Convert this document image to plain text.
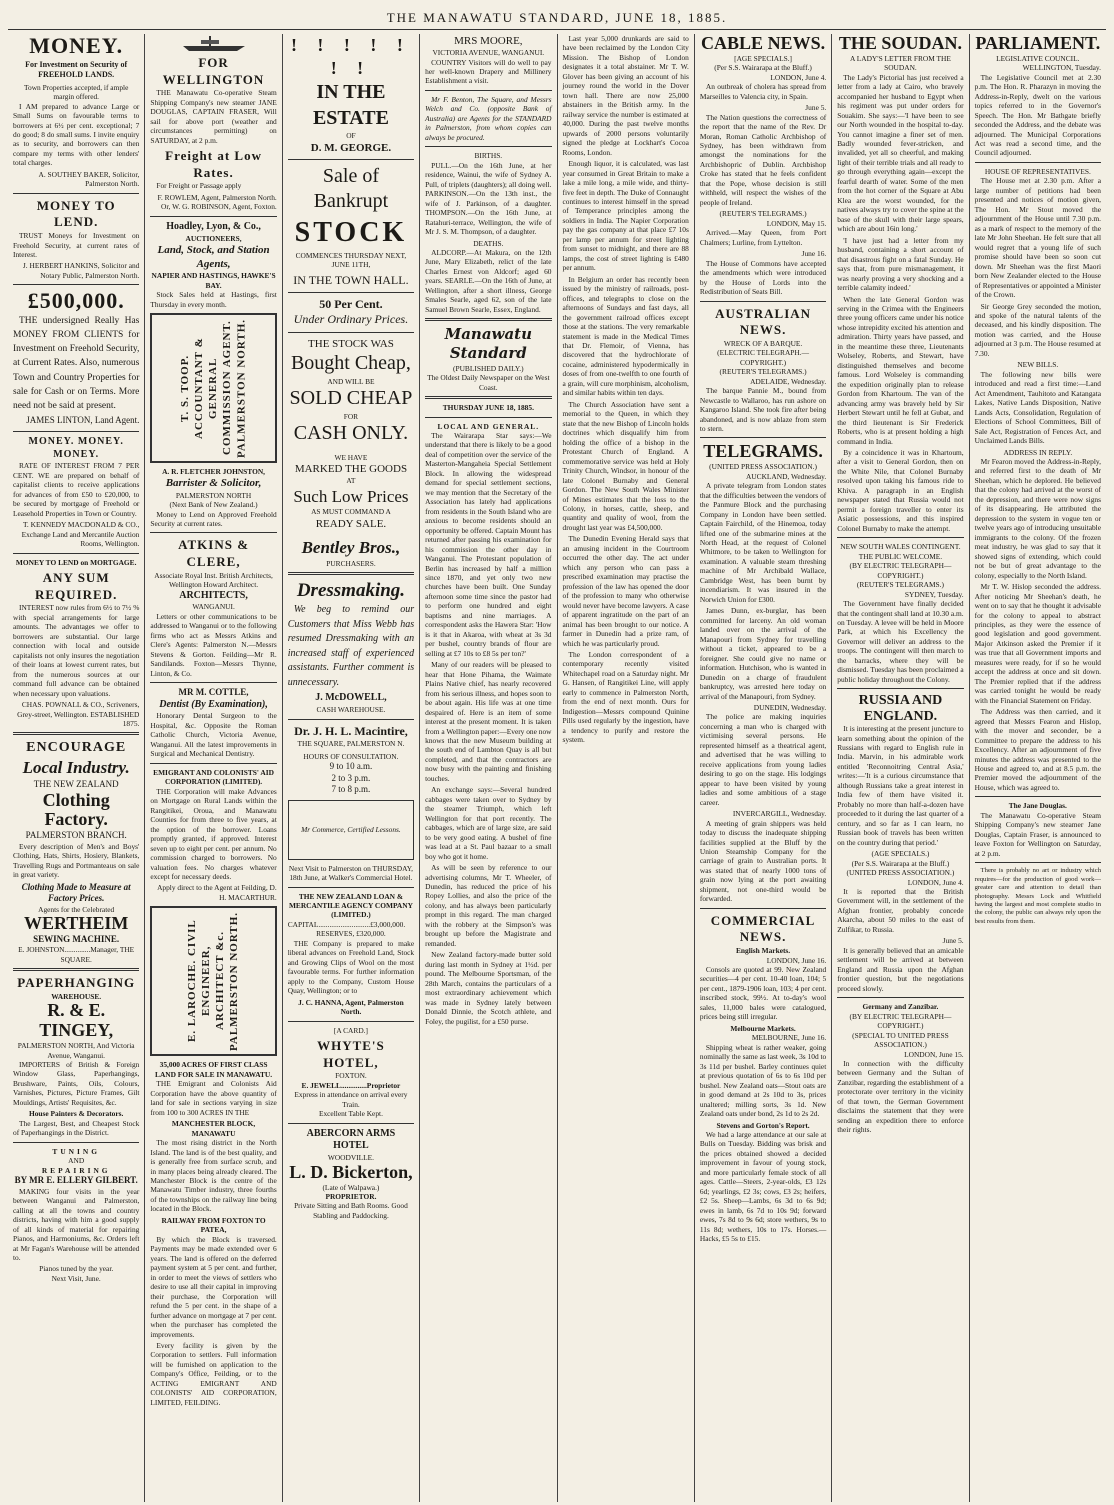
THE MANAWATU STANDARD, JUNE 18, 1885.
MONEY.
For Investment on Security of FREEHOLD LANDS.
Town Properties accepted, if ample margin offered.

I AM prepared to advance Large or Small Sums on favourable terms to borrowers at 6½ per cent. exceptional; 7 do good; 8 do small sums. I invite enquiry as to security, and borrowers can then compare my terms with other lenders' total charges.

A. SOUTHEY BAKER, Solicitor, Palmerston North.
MONEY TO LEND.

TRUST Moneys for Investment on Freehold Security, at current rates of Interest.

J. HERBERT HANKINS, Solicitor and Notary Public, Palmerston North.
£500,000.

THE undersigned Really Has MONEY FROM CLIENTS for Investment on Freehold Security, at Current Rates. Also, numerous Town and Country Properties for sale for Cash or on Terms. More need not be said at present.

JAMES LINTON, Land Agent.
MONEY. MONEY. MONEY.

RATE OF INTEREST FROM 7 PER CENT. WE are prepared on behalf of capitalist clients to receive applications for advances of from £50 to £20,000, to be secured by mortgage of Freehold or Leasehold Properties in Town or Country.

T. KENNEDY MACDONALD & CO., Exchange Land and Mercantile Auction Rooms, Wellington.
MONEY TO LEND on MORTGAGE.
ANY SUM REQUIRED.

INTEREST now rules from 6½ to 7½ % with special arrangements for large amounts. The advantages we offer to borrowers are substantial. Our large connection with local and outside capitalists not only insures the negotiation of their loans at lowest current rates, but from the numerous sources at our command full advance can be obtained when necessary upon valuations.

CHAS. POWNALL & CO., Scriveners, Grey-street, Wellington. ESTABLISHED 1875.
ENCOURAGE
Local Industry.
THE NEW ZEALAND
Clothing Factory.
PALMERSTON BRANCH.

Every description of Men's and Boys' Clothing, Hats, Shirts, Hosiery, Blankets, Travelling Rugs and Portmanteaus on sale in great variety.

Clothing Made to Measure at Factory Prices.
Agents for the Celebrated
WERTHEIM
SEWING MACHINE.
E. JOHNSTON..............Manager, THE SQUARE.
PAPERHANGING
WAREHOUSE.
R. & E. TINGEY,
PALMERSTON NORTH, And Victoria Avenue, Wanganui.

IMPORTERS of British & Foreign Window Glass, Paperhangings, Brushware, Paints, Oils, Colours, Varnishes, Pictures, Picture Frames, Gilt Mouldings, Artists' Requisites, &c.

House Painters & Decorators.

The Largest, Best, and Cheapest Stock of Paperhangings in the District.

TUNING
AND
REPAIRING
BY MR E. ELLERY GILBERT.

MAKING four visits in the year between Wanganui and Palmerston, calling at all the towns and country districts, having with him a good supply of all kinds of material for repairing Pianos, and Harmoniums, &c. Orders left at Mr Fagan's Warehouse will be attended to.

Pianos tuned by the year.
Next Visit, June.
FOR WELLINGTON

THE Manawatu Co-operative Steam Shipping Company's new steamer JANE DOUGLAS, CAPTAIN FRASER, Will sail for above port (weather and circumstances permitting) on SATURDAY, at 2 p.m.

Freight at Low Rates.

For Freight or Passage apply

F. ROWLEM, Agent, Palmerston North. Or, W. G. ROBINSON, Agent, Foxton.
Hoadley, Lyon, & Co.,
AUCTIONEERS,
Land, Stock, and Station Agents,
NAPIER AND HASTINGS, HAWKE'S BAY.

Stock Sales held at Hastings, first Thursday in every month.

T. S. TOOP. ACCOUNTANT & GENERAL COMMISSION AGENT. PALMERSTON NORTH.
A. R. FLETCHER JOHNSTON,
Barrister & Solicitor,
PALMERSTON NORTH
(Next Bank of New Zealand.)

Money to Lend on Approved Freehold Security at current rates.

ATKINS & CLERE,
Associate Royal Inst. British Architects, Wellington Howard Architect.
ARCHITECTS,
WANGANUI.

Letters or other communications to be addressed to Wanganui or to the following firms who act as Messrs Atkins and Clere's Agents: Palmerston N.—Messrs Stevens & Gorton. Feilding—Mr R. Sandilands. Foxton—Messrs Thynne, Linton, & Co.

MR M. COTTLE,
Dentist (By Examination),

Honorary Dental Surgeon to the Hospital, &c. Opposite the Roman Catholic Church, Victoria Avenue, Wanganui. All the latest improvements in Surgical and Mechanical Dentistry.

EMIGRANT AND COLONISTS' AID CORPORATION (LIMITED).

THE Corporation will make Advances on Mortgage on Rural Lands within the Rangitikei, Oroua, and Manawatu Counties for from three to five years, at the option of the borrower. Loans promptly granted, if approved. Interest seven up to eight per cent. per annum. No commission charged to borrowers. No valuation fees. No charges whatever except for necessary deeds.

Apply direct to the Agent at Feilding, D. H. MACARTHUR.
E. LAROCHE. CIVIL ENGINEER, ARCHITECT &c. PALMERSTON NORTH.
35,000 ACRES OF FIRST CLASS LAND FOR SALE IN MANAWATU.

THE Emigrant and Colonists Aid Corporation have the above quantity of land for sale in sections varying in size from 100 to 300 ACRES IN THE

MANCHESTER BLOCK, MANAWATU

The most rising district in the North Island. The land is of the best quality, and is generally free from surface scrub, and in many places being already cleared. The Manchester Block is the centre of the Manawatu Timber industry, three fourths of the townships on the railway line being located in the Block.

RAILWAY FROM FOXTON TO PATEA,

By which the Block is traversed. Payments may be made extended over 6 years. The land is offered on the deferred payment system at 5 per cent. and further, in order to meet the views of settlers who desire to use all their capital in improving their purchase, the Corporation will refund the 5 per cent. in the shape of a further advance on mortgage at 7 per cent. when the purchaser has completed the improvements.

Every facility is given by the Corporation to settlers. Full information will be furnished on application to the Company's Office, Feilding, or to the ACTING EMIGRANT AND COLONISTS' AID CORPORATION, LIMITED, FEILDING.

! ! ! ! ! ! !
IN THE ESTATE
OF
D. M. GEORGE.
Sale of Bankrupt
STOCK
COMMENCES THURSDAY NEXT, JUNE 11TH,
IN THE TOWN HALL.
50 Per Cent.
Under Ordinary Prices.
THE STOCK WAS
Bought Cheap,
AND WILL BE
SOLD CHEAP
FOR
CASH ONLY.
WE HAVE
MARKED THE GOODS
AT
Such Low Prices
AS MUST COMMAND A
READY SALE.
Bentley Bros.,
PURCHASERS.
Dressmaking.

We beg to remind our Customers that Miss Webb has resumed Dressmaking with an increased staff of experienced assistants. Further comment is unnecessary.

J. McDOWELL,
CASH WAREHOUSE.
Dr. J. H. L. Macintire,
THE SQUARE, PALMERSTON N.
HOURS OF CONSULTATION.
9 to 10 a.m.
2 to 3 p.m.
7 to 8 p.m.
Mr Commerce, Certified Lessons.
Next Visit to Palmerston on THURSDAY, 18th June, at Walker's Commercial Hotel.
THE NEW ZEALAND LOAN & MERCANTILE AGENCY COMPANY (LIMITED.)
CAPITAL............................£3,000,000.
RESERVES, £320,000.

THE Company is prepared to make liberal advances on Freehold Land, Stock and Growing Clips of Wool on the most favourable terms. For further information apply to the Company, Custom House Quay, Wellington; or to

J. C. HANNA, Agent, Palmerston North.
[A CARD.]
WHYTE'S HOTEL,
FOXTON.
E. JEWELL..............Proprietor
Express in attendance on arrival every Train.
Excellent Table Kept.
ABERCORN ARMS HOTEL
WOODVILLE.
L. D. Bickerton,
(Late of Walpawa.)
PROPRIETOR.
Private Sitting and Bath Rooms. Good Stabling and Paddocking.
MRS MOORE,
VICTORIA AVENUE, WANGANUI.

COUNTRY Visitors will do well to pay her well-known Drapery and Millinery Establishment a visit.

Mr F. Benton, The Square, and Messrs Welch and Co. (opposite Bank of Australia) are Agents for the STANDARD in Palmerston, from whom copies can always be procured.

BIRTHS.

PULL.—On the 16th June, at her residence, Wainui, the wife of Sydney A. Pull, of triplets (daughters); all doing well. PARKINSON.—On the 13th inst., the wife of J. Parkinson, of a daughter. THOMPSON.—On the 16th June, at Ratahuri-terrace, Wellington, the wife of Mr J. S. M. Thompson, of a daughter.

DEATHS.

ALDCORP.—At Makura, on the 12th June, Mary Elizabeth, relict of the late Charles Ernest von Aldcorf; aged 60 years. SEARLE.—On the 16th of June, at Wellington, after a short illness, George Smales Searle, aged 62, son of the late Samuel Brown Searle, Essex, England.

Manawatu Standard
(PUBLISHED DAILY.)
The Oldest Daily Newspaper on the West Coast.
THURSDAY JUNE 18, 1885.
LOCAL AND GENERAL.

The Wairarapa Star says:—We understand that there is likely to be a good deal of competition over the service of the Masterton-Mangaheia Special Settlement Block. In allowing the widespread demand for special settlement sections, we may mention that the Secretary of the Association has lately had applications from residents in the South Island who are anxious to become residents should an opportunity be offered. Captain Mount has returned after passing his examination for his commission the other day in Wanganui. The Protestant population of Berlin has increased by half a million since 1870, and yet only two new churches have been built. One Sunday afternoon some time since the pastor had to perform one hundred and eight baptisms and nine marriages. A correspondent asks the Hawera Star: 'How is it that in Akaroa, with wheat at 3s 3d per bushel, country brands of flour are selling at £7 10s to £8 5s per ton?'

Many of our readers will be pleased to hear that Hone Pihama, the Waimate Plains Native chief, has nearly recovered from his serious illness, and hopes soon to be about again. His life was at one time despaired of. Here is an item of some interest at the present moment. It is taken from a Wellington paper:—Every one now knows that the new Museum building at the south end of Lambton Quay is all but completed, and that the contractors are now busy with the painting and finishing touches.

An exchange says:—Several hundred cabbages were taken over to Sydney by the steamer Triumph, which left Wellington for that port recently. The cabbages, which are of large size, are said to be very good eating. A bushel of fine was lead at a St. Paul bazaar to a small boy who got it home.

As will be seen by reference to our advertising columns, Mr T. Wheeler, of Dunedin, has reduced the price of his Ropey Lollies, and also the price of the colony, and has always been particularly prompt in this regard. The man charged with the robbery at the Simpson's was brought up before the Magistrate and remanded.

New Zealand factory-made butter sold during last month in Sydney at 1½d. per pound. The Melbourne Sportsman, of the 28th March, contains the particulars of a most extraordinary achievement which was made in Sydney lately between Donald Dinnie, the Scotch athlete, and Foley, the pugilist, for a £50 purse.

Last year 5,000 drunkards are said to have been reclaimed by the London City Mission. The Bishop of London designates it a total abstainer. Mr T. W. Glover has been giving an account of his journey round the world in the Dover town hall. There are now 25,000 abstainers in the British army. In the railway service the number is estimated at 40,000. During the past twelve months upwards of 2000 persons voluntarily signed the pledge at Lockhart's Cocoa Rooms, London.

Enough liquor, it is calculated, was last year consumed in Great Britain to make a lake a mile long, a mile wide, and thirty-five feet in depth. The Duke of Connaught continues to interest himself in the spread of Temperance principles among the soldiers in India. The Napier Corporation pay the gas company at that place £7 10s per lamp per annum for street lighting from sunset to midnight, and there are 88 lamps, the cost of street lighting is £480 per annum.

In Belgium an order has recently been issued by the ministry of railroads, post-offices, and telegraphs to close on the afternoons of Sundays and fast days, all the government railroad offices except those at the stations. The very remarkable statement is made in the Medical Times that Dr. Flemoir, of Vienna, has discovered that the hydrochlorate of cocaine, administered hypodermically in doses of from one-twelfth to one fourth of a grain, will cure morphinism, alcoholism, and similar habits within ten days.

The Church Association have sent a memorial to the Queen, in which they state that the new Bishop of Lincoln holds doctrines which disqualify him from holding the office of a bishop in the Protestant Church of England. A commemorative service was held at Holy Trinity Church, Windsor, in honour of the late Colonel Burnaby and General Gordon. The New South Wales Minister of Mines estimates that the loss to the Colony, in horses, cattle, sheep, and quantity and quality of wool, from the drought last year was £4,500,000.

The Dunedin Evening Herald says that an amusing incident in the Courtroom occurred the other day. The act under which any person who can pass a prescribed examination may practise the profession of the law has opened the door of the profession to many who otherwise would never have become lawyers. A case of apparent ingratitude on the part of an animal has been brought to our notice. A farmer in Dunedin had a prize ram, of which he was particularly proud.

The London correspondent of a contemporary recently visited Whitechapel road on a Saturday night. Mr G. Hansen, of Rangitikei Line, will apply early to commence in Palmerston North, from the end of next month. Ours for Indigestion—Messrs compound Quinine Pills used regularly by the ingestion, have a tendency to purify and restore the system.

CABLE NEWS.
[AGE SPECIALS.]
(Per S.S. Wairarapa at the Bluff.)
LONDON, June 4.

An outbreak of cholera has spread from Marseilles to Valencia city, in Spain.

June 5.

The Nation questions the correctness of the report that the name of the Rev. Dr Moran, Roman Catholic Archbishop of Sydney, has been withdrawn from amongst the nominations for the Archbishopric of Dublin. Archbishop Croke has stated that he feels confident that the Pope, whose decision is still withheld, will respect the wishes of the people of Ireland.

(REUTER'S TELEGRAMS.)
LONDON, May 15.

Arrived.—May Queen, from Port Chalmers; Lurline, from Lyttelton.

June 16.

The House of Commons have accepted the amendments which were introduced by the House of Lords into the Redistribution of Seats Bill.

AUSTRALIAN NEWS.
WRECK OF A BARQUE.
(ELECTRIC TELEGRAPH.—COPYRIGHT.)
(REUTER'S TELEGRAMS.)
ADELAIDE, Wednesday.

The barque Pannie M., bound from Newcastle to Wallaroo, has run ashore on Kangaroo Island. She took fire after being abandoned, and is now ablaze from stem to stern.

TELEGRAMS.
(UNITED PRESS ASSOCIATION.)
AUCKLAND, Wednesday.

A private telegram from London states that the difficulties between the vendors of the Panmure Block and the purchasing Company in London have been settled. Captain Fairchild, of the Hinemoa, today lifted one of the submarine mines at the North Head, at the request of Colonel Whitmore, to be taken to Wellington for examination. A valuable steam threshing machine of Mr Archibald Wallace, Cambridge West, has been burnt by incendiarism. It was insured in the Norwich Union for £300.

James Dunn, ex-burglar, has been committed for larceny. An old woman landed over on the arrival of the Manapouri from Sydney for travelling without a ticket, appeared to be a foreigner. She could give no name or information. Hutchison, who is wanted in Dunedin on a charge of fraudulent bankruptcy, was arrested here today on arrival of the Manapouri, from Sydney.

DUNEDIN, Wednesday.

The police are making inquiries concerning a man who is charged with victimising several persons. He represented himself as a theatrical agent, and advertised that he was willing to receive applications from young ladies desiring to go on the stage. His lodgings appear to have been visited by young ladies and some ambitious of a stage career.

INVERCARGILL, Wednesday.

A meeting of grain shippers was held today to discuss the inadequate shipping facilities supplied at the Bluff by the Union Steamship Company for the carriage of grain to Australian ports. It was stated that of nearly 1000 tons of grain now lying at the port awaiting shipment, not one-third would be forwarded.

COMMERCIAL NEWS.
English Markets.
LONDON, June 16.

Consols are quoted at 99. New Zealand securities—4 per cent. 10-40 loan, 104; 5 per cent., 1879-1906 loan, 103; 4 per cent. inscribed stock, 99½. At to-day's wool sales, 11,000 bales were catalogued, prices being still irregular.

Melbourne Markets.
MELBOURNE, June 16.

Shipping wheat is rather weaker, going nominally the same as last week, 3s 10d to 3s 11d per bushel. Barley continues quiet at previous quotation of 6s to 6s 10d per bushel. New Zealand oats—Stout oats are in good demand at 2s 10d to 3s, prices unaltered; milling sorts, 3s 1d. New Zealand oats under bond, 2s 1d to 2s 2d.

Stevens and Gorton's Report.

We had a large attendance at our sale at Bulls on Tuesday. Bidding was brisk and the prices obtained showed a decided improvement in favour of young stock, and more particularly female stock of all ages. Cattle—Steers, 2-year-olds, £3 12s 6d; yearlings, £2 3s; cows, £3 2s; heifers, £2 5s. Sheep—Lambs, 6s 3d to 6s 9d; ewes in lamb, 6s 7d to 10s 9d; forward ewes, 7s 8d to 9s 6d; store wethers, 9s to 11s 8d; wethers, 10s to 17s. Horses.—Hacks, £5 5s to £15.

THE SOUDAN.
A LADY'S LETTER FROM THE SOUDAN.

The Lady's Pictorial has just received a letter from a lady at Cairo, who bravely accompanied her husband to Egypt when his regiment was put under orders for Souakim. She says:—'I have been to see our North wounded in the hospital to-day. You cannot imagine a finer set of men. Badly wounded fever-stricken, and invalided, yet all so cheerful, and making light of their terrible trials and all ready to go through everything again—except the fearful dearth of water. Some of the men from the hot corner of the Square at Abu Klea are the worst wounded, for the natives always try to cover the spine at the base of the skull with their large spears, which are about 16in long.'

'I have just had a letter from my husband, containing a short account of that disastrous fight on a fatal Sunday. He says that, from pure mismanagement, it was nearly proving a very shocking and a terrible calamity indeed.'

When the late General Gordon was serving in the Crimea with the Engineers three young officers came under his notice whose intrepidity excited his attention and admiration. Thirty years have passed, and in the meantime these three, Lieutenants Wolseley, Roberts, and Stewart, have distinguished themselves and become famous. Lord Wolseley is commanding the expedition originally plan to release Gordon from Khartoum. The van of the advancing army was bravely held by Sir Herbert Stewart until he fell at Gubat, and the third lieutenant is Sir Frederick Roberts, who is at present holding a high command in India.

By a coincidence it was in Khartoum, after a visit to General Gordon, then on the White Nile, that Colonel Burnaby resolved upon taking his famous ride to Khiva. A paragraph in an English newspaper stated that Russia would not permit a foreign traveller to enter its Asiatic possessions, and this inspired Colonel Burnaby to make the attempt.

NEW SOUTH WALES CONTINGENT.
THE PUBLIC WELCOME.
(BY ELECTRIC TELEGRAPH—COPYRIGHT.)
(REUTER'S TELEGRAMS.)
SYDNEY, Tuesday.

The Government have finally decided that the contingent shall land at 10.30 a.m. on Tuesday. A levee will be held in Moore Park, at which his Excellency the Governor will deliver an address to the troops. The contingent will then march to the barracks, where they will be dismissed. Tuesday has been proclaimed a public holiday throughout the Colony.

RUSSIA AND ENGLAND.

It is interesting at the present juncture to learn something about the opinion of the Russians with regard to English rule in India. Marvin, in his admirable work entitled 'Reconnoitring Central Asia,' writes:—'It is a curious circumstance that although Russians take a great interest in India few of them have visited it. Probably no more than half-a-dozen have proceeded to it during the last quarter of a century, and so far as I can learn, no Russian book of travels has been written on the country during that period.'

(AGE SPECIALS.)
(Per S.S. Wairarapa at the Bluff.)
(UNITED PRESS ASSOCIATION.)
LONDON, June 4.

It is reported that the British Government will, in the settlement of the Afghan frontier, probably concede Akarcha, about 50 miles to the east of Zulfikar, to Russia.

June 5.

It is generally believed that an amicable settlement will be arrived at between England and Russia upon the Afghan frontier question, but the negotiations proceed slowly.

Germany and Zanzibar.
(BY ELECTRIC TELEGRAPH—COPYRIGHT.)
(SPECIAL TO UNITED PRESS ASSOCIATION.)
LONDON, June 15.

In connection with the difficulty between Germany and the Sultan of Zanzibar, regarding the establishment of a protectorate over territory in the vicinity of that town, the German Government disclaims the statement that they were sending an expedition there to enforce their rights.

PARLIAMENT.
LEGISLATIVE COUNCIL.
WELLINGTON, Tuesday.

The Legislative Council met at 2.30 p.m. The Hon. R. Pharazyn in moving the Address-in-Reply, dwelt on the various topics referred to in the Governor's Speech. The Hon. Mr Bathgate briefly seconded the Address, and the debate was adjourned. The Municipal Corporations Act was read a second time, and the Council adjourned.

HOUSE OF REPRESENTATIVES.

The House met at 2.30 p.m. After a large number of petitions had been presented and notices of motion given, The Hon. Mr Stout moved the adjournment of the House until 7.30 p.m. as a mark of respect to the memory of the late Mr John Sheehan. He felt sure that all would regret that a young life of such promise should have been so soon cut down. Mr Sheehan was the first Maori born New Zealander elected to the House of Representatives or appointed a Minister of the Crown.

Sir George Grey seconded the motion, and spoke of the natural talents of the deceased, and his kindly disposition. The motion was carried, and the House adjourned at 3 p.m. The House resumed at 7.30.

NEW BILLS.

The following new bills were introduced and read a first time:—Land Act Amendment, Tauhitoto and Katangata Lakes, Native Lands Disposition, Native Lands Acts, Consolidation, Regulation of Elections of School Committees, Bill of Sale Act, Registration of Fences Act, and Unclaimed Lands Bills.

ADDRESS IN REPLY.

Mr Fearon moved the Address-in-Reply, and referred first to the death of Mr Sheehan, which he deplored. He believed that the colony had arrived at the worst of the depression, and there were now signs of its disappearing. He attributed the depression to the system in vogue ten or twelve years ago of introducing unsuitable immigrants to the colony. Of the frozen meat industry, he was glad to say that it showed signs of extending, which could not be but of great advantage to the colony, especially to the North Island.

Mr T. W. Hislop seconded the address. After noticing Mr Sheehan's death, he went on to say that he thought it advisable for the colony to appeal to abstract principles, as they were the essence of good legislation and good government. Major Atkinson asked the Premier if it was true that all Government imports and measures were ready, for if so he would accept the address at once and sit down. The Premier replied that if the address was carried tonight he would be ready with the Financial Statement on Friday.

The Address was then carried, and it agreed that Messrs Fearon and Hislop, with the mover and seconder, be a Committee to prepare the address to his Excellency. After an adjournment of five minutes the address was presented to the House and agreed to, and at 8.5 p.m. the Premier moved the adjournment of the House, which was agreed to.

The Jane Douglas.

The Manawatu Co-operative Steam Shipping Company's new steamer Jane Douglas, Captain Fraser, is announced to leave Foxton for Wellington on Saturday, at 2 p.m.

There is probably no art or industry which requires—for the production of good work—greater care and attention to detail than photography. Messrs Lock and Whitfield having the largest and most complete studio in the colony, the public can always rely upon the best results from them.
